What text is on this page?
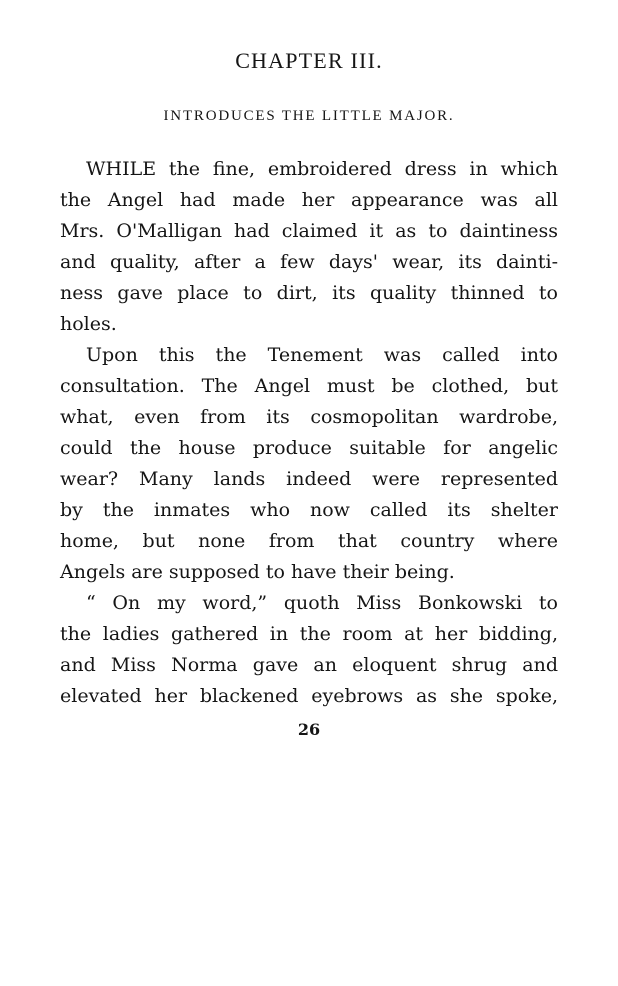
CHAPTER III.
INTRODUCES THE LITTLE MAJOR.
WHILE the fine, embroidered dress in which
the Angel had made her appearance was all
Mrs. O'Malligan had claimed it as to daintiness
and quality, after a few days' wear, its dainti-
ness gave place to dirt, its quality thinned to
holes.
Upon this the Tenement was called into
consultation. The Angel must be clothed, but
what, even from its cosmopolitan wardrobe,
could the house produce suitable for angelic
wear? Many lands indeed were represented
by the inmates who now called its shelter
home, but none from that country where
Angels are supposed to have their being.
“ On my word,” quoth Miss Bonkowski to
the ladies gathered in the room at her bidding,
and Miss Norma gave an eloquent shrug and
elevated her blackened eyebrows as she spoke,
26
